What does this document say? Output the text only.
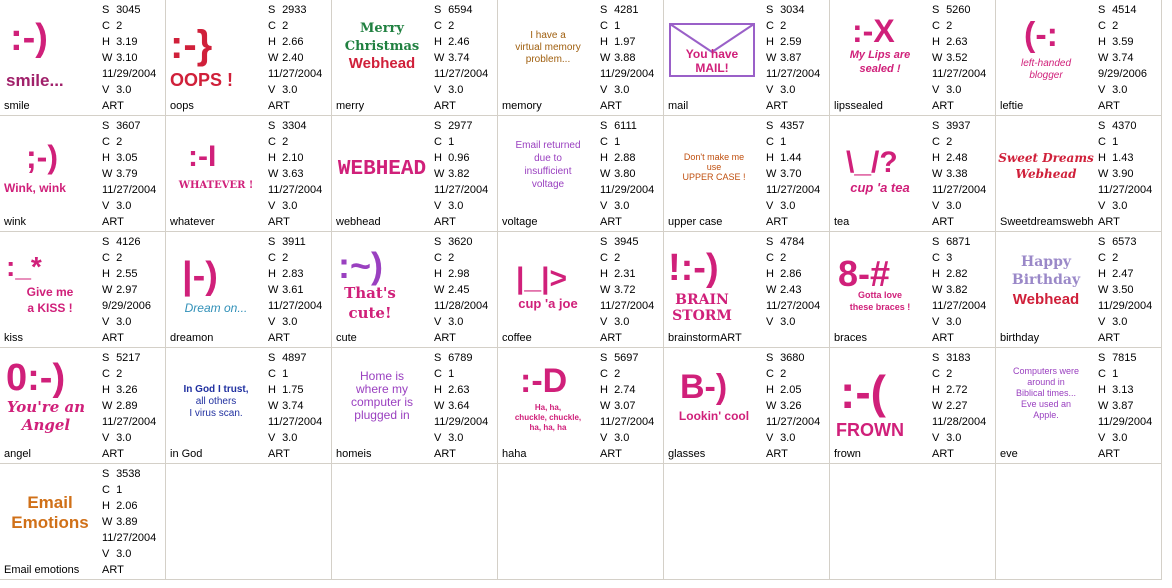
:-)
smile...
S 3045
C 2
H 3.19
W 3.10
11/29/2004
V 3.0
smile	ART
:-}
OOPS !
S 2933
C 2
H 2.66
W 2.40
11/27/2004
V 3.0
oops	ART
Merry
Christmas
Webhead
S 6594
C 2
H 2.46
W 3.74
11/27/2004
V 3.0
merry	ART
I have a
virtual memory
problem...
S 4281
C 1
H 1.97
W 3.88
11/29/2004
V 3.0
memory	ART
You have
MAIL!
S 3034
C 2
H 2.59
W 3.87
11/27/2004
V 3.0
mail	ART
:-X
My Lips are
sealed !
S 5260
C 2
H 2.63
W 3.52
11/27/2004
V 3.0
lipssealed	ART
(-:
left-handed
blogger
S 4514
C 2
H 3.59
W 3.74
9/29/2006
V 3.0
leftie	ART
;-)
Wink, wink
S 3607
C 2
H 3.05
W 3.79
11/27/2004
V 3.0
wink	ART
:-I
WHATEVER !
S 3304
C 2
H 2.10
W 3.63
11/27/2004
V 3.0
whatever	ART
WEBHEAD
S 2977
C 1
H 0.96
W 3.82
11/27/2004
V 3.0
webhead	ART
Email returned
due to
insufficient
voltage
S 6111
C 1
H 2.88
W 3.80
11/29/2004
V 3.0
voltage	ART
Don't make me
use
UPPER CASE !
S 4357
C 1
H 1.44
W 3.70
11/27/2004
V 3.0
upper case	ART
\_/?
cup 'a tea
S 3937
C 2
H 2.48
W 3.38
11/27/2004
V 3.0
tea	ART
Sweet Dreams
Webhead
S 4370
C 1
H 1.43
W 3.90
11/27/2004
V 3.0
Sweetdreamswebh ART
:_*
Give me
a KISS !
S 4126
C 2
H 2.55
W 2.97
9/29/2006
V 3.0
kiss	ART
|-)
Dream on...
S 3911
C 2
H 2.83
W 3.61
11/27/2004
V 3.0
dreamon	ART
:~)
That's
cute!
S 3620
C 2
H 2.98
W 2.45
11/28/2004
V 3.0
cute	ART
|_|>
cup 'a joe
S 3945
C 2
H 2.31
W 3.72
11/27/2004
V 3.0
coffee	ART
!:-)
BRAIN
STORM
S 4784
C 2
H 2.86
W 2.43
11/27/2004
V 3.0
brainstormART
8-#
Gotta love
these braces !
S 6871
C 3
H 2.82
W 3.82
11/27/2004
V 3.0
braces	ART
Happy
Birthday
Webhead
S 6573
C 2
H 2.47
W 3.50
11/29/2004
V 3.0
birthday	ART
0:-)
You're an
Angel
S 5217
C 2
H 3.26
W 2.89
11/27/2004
V 3.0
angel	ART
In God I trust,
all others
I virus scan.
S 4897
C 1
H 1.75
W 3.74
11/27/2004
V 3.0
in God	ART
Home is
where my
computer is
plugged in
S 6789
C 1
H 2.63
W 3.64
11/29/2004
V 3.0
homeis	ART
:-D
Ha, ha,
chuckle, chuckle,
ha, ha, ha
S 5697
C 2
H 2.74
W 3.07
11/27/2004
V 3.0
haha	ART
B-)
Lookin' cool
S 3680
C 2
H 2.05
W 3.26
11/27/2004
V 3.0
glasses	ART
:-(
FROWN
S 3183
C 2
H 2.72
W 2.27
11/28/2004
V 3.0
frown	ART
Computers were
around in
Biblical times...
Eve used an
Apple.
S 7815
C 1
H 3.13
W 3.87
11/29/2004
V 3.0
eve	ART
Email
Emotions
S 3538
C 1
H 2.06
W 3.89
11/27/2004
V 3.0
Email emotions	ART
